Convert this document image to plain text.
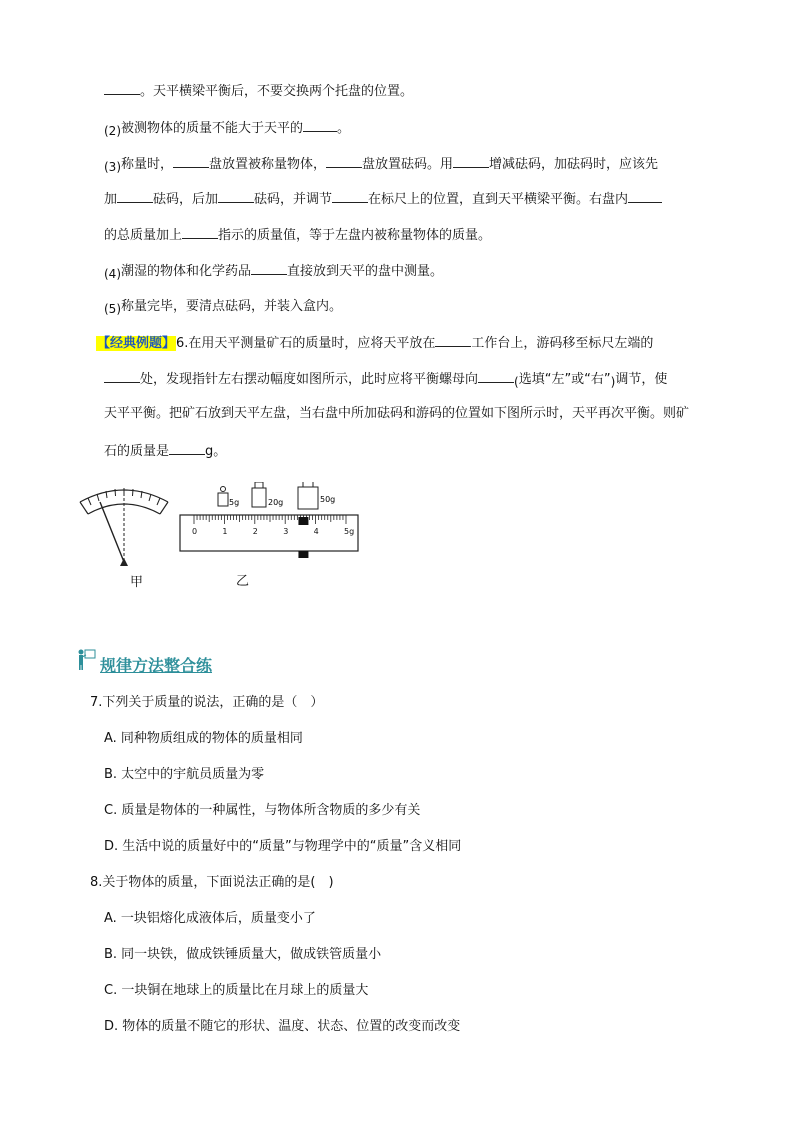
。天平横梁平衡后，不要交换两个托盘的位置。
(2)被测物体的质量不能大于天平的	。
(3)称量时，	盘放置被称量物体，	盘放置砝码。用	增减砝码，加砝码时，应该先
加	砝码，后加	砝码，并调节	在标尺上的位置，直到天平横梁平衡。右盘内
的总质量加上	指示的质量值，等于左盘内被称量物体的质量。
(4)潮湿的物体和化学药品	直接放到天平的盘中测量。
(5)称量完毕，要清点砝码，并装入盒内。
【经典例题】6.在用天平测量矿石的质量时，应将天平放在	工作台上，游码移至标尺左端的
处，发现指针左右摆动幅度如图所示，此时应将平衡螺母向	(选填“左”或“右”)调节，使
天平平衡。把矿石放到天平左盘，当右盘中所加砝码和游码的位置如下图所示时，天平再次平衡。则矿
石的质量是	g。
甲
5g	20g	50g
0	1	2	3	4	5g
乙
规律方法整合练
7.下列关于质量的说法，正确的是（　）
A. 同种物质组成的物体的质量相同
B. 太空中的宇航员质量为零
C. 质量是物体的一种属性，与物体所含物质的多少有关
D. 生活中说的质量好中的“质量”与物理学中的“质量”含义相同
8.关于物体的质量，下面说法正确的是(　)
A. 一块铝熔化成液体后，质量变小了
B. 同一块铁，做成铁锤质量大，做成铁管质量小
C. 一块铜在地球上的质量比在月球上的质量大
D. 物体的质量不随它的形状、温度、状态、位置的改变而改变
